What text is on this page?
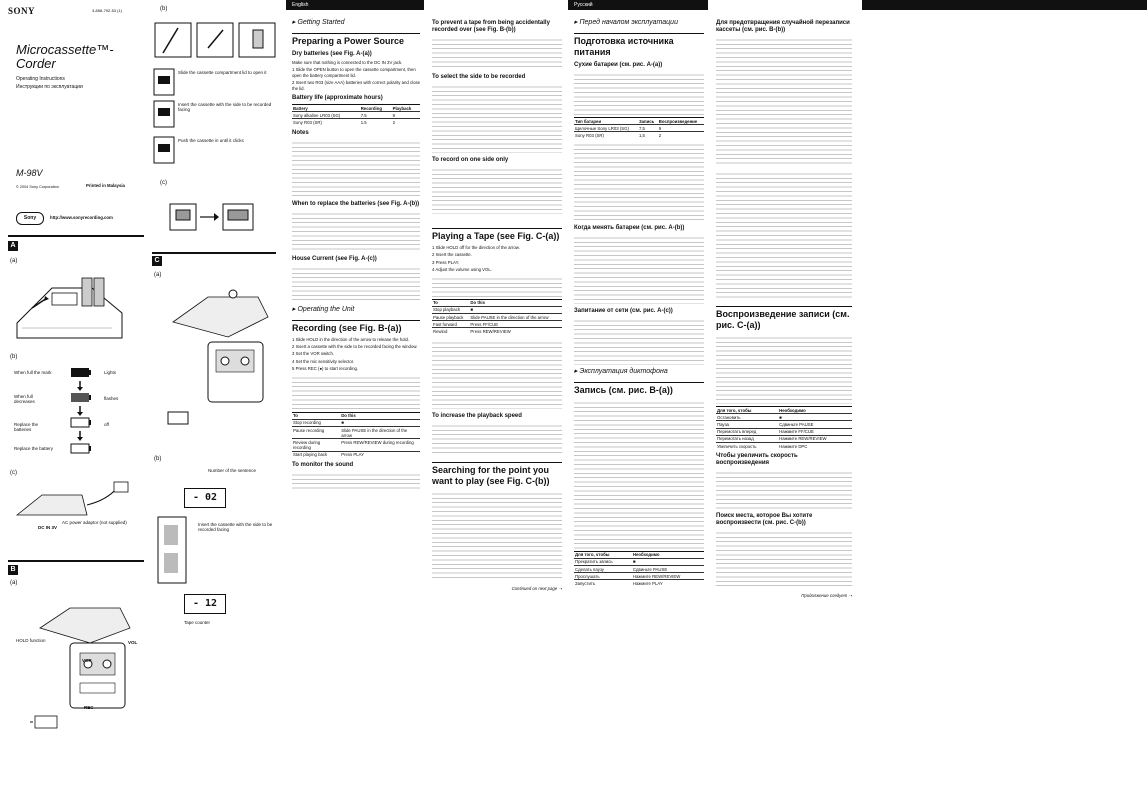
SONY	3-858-792-53 (1)
Microcassette™-
Corder
Operating Instructions
Инструкции по эксплуатации
M-98V
© 2004 Sony Corporation	Printed in Malaysia
Sony	http://www.sonyrecording.com
A
(a)
(b)
When full the mark
When full decreases
Replace the batteries
Replace the battery
Lights
flashes
off
(c)
DC IN 3V
AC power adaptor (not supplied)
B
(a)
HOLD function
REC
VOR
VOL
(b)
Slide the cassette compartment lid to open it
Insert the cassette with the side to be recorded facing
Push the cassette in until it clicks
(c)
C
(a)
(b)
- 02
Number of the sentence
Insert the cassette with the side to be recorded facing
- 12
Tape counter
English
▸ Getting Started
Preparing a Power Source
Dry batteries (see Fig. A-(a))

Make sure that nothing is connected to the DC IN 3V jack.

1 Slide the OPEN button to open the cassette compartment, then open the battery compartment lid.

2 Insert two R03 (size AAA) batteries with correct polarity and close the lid.

Battery life (approximate hours)
Battery	Recording	Playback
Sony alkaline LR03 (SG)	7.5	9
Sony R03 (SR)	1.5	2
Notes
When to replace the batteries (see Fig. A-(b))
House Current (see Fig. A-(c))
▸ Operating the Unit
Recording (see Fig. B-(a))

1 Slide HOLD in the direction of the arrow to release the hold.

2 Insert a cassette with the side to be recorded facing the window.

3 Set the VOR switch.

4 Set the mic sensitivity selector.

5 Press REC (●) to start recording.

To	Do this
Stop recording	■
Pause recording	Slide PAUSE in the direction of the arrow
Review during recording	Press REW/REVIEW during recording
Start playing back	Press PLAY
To monitor the sound
To prevent a tape from being accidentally recorded over (see Fig. B-(b))
To select the side to be recorded
To record on one side only
Playing a Tape (see Fig. C-(a))

1 Slide HOLD off for the direction of the arrow.

2 Insert the cassette.

3 Press PLAY.

4 Adjust the volume using VOL.

To	Do this
Stop playback	■
Pause playback	Slide PAUSE in the direction of the arrow
Fast forward	Press FF/CUE
Rewind	Press REW/REVIEW
To increase the playback speed
Searching for the point you want to play (see Fig. C-(b))
Continued on next page ➝
Русский
▸ Перед началом эксплуатации
Подготовка источника питания
Сухие батареи (см. рис. A-(a))
Тип батареи	Запись	Воспроизведение
Щелочные Sony LR03 (SG)	7,5	9
Sony R03 (SR)	1,5	2
Когда менять батареи (см. рис. A-(b))
Запитание от сети (см. рис. A-(c))
▸ Эксплуатация диктофона
Запись (см. рис. B-(a))
Для того, чтобы	Необходимо
Прекратить запись	■
Сделать паузу	Сдвиньте PAUSE
Прослушать	Нажмите REW/REVIEW
Запустить	Нажмите PLAY
Для предотвращения случайной перезаписи кассеты (см. рис. B-(b))
Воспроизведение записи (см. рис. C-(a))
Для того, чтобы	Необходимо
Остановить	■
Пауза	Сдвиньте PAUSE
Перемотать вперед	Нажмите FF/CUE
Перемотать назад	Нажмите REW/REVIEW
Увеличить скорость	Нажмите DPC
Чтобы увеличить скорость воспроизведения
Поиск места, которое Вы хотите воспроизвести (см. рис. C-(b))
Продолжение следует ➝
